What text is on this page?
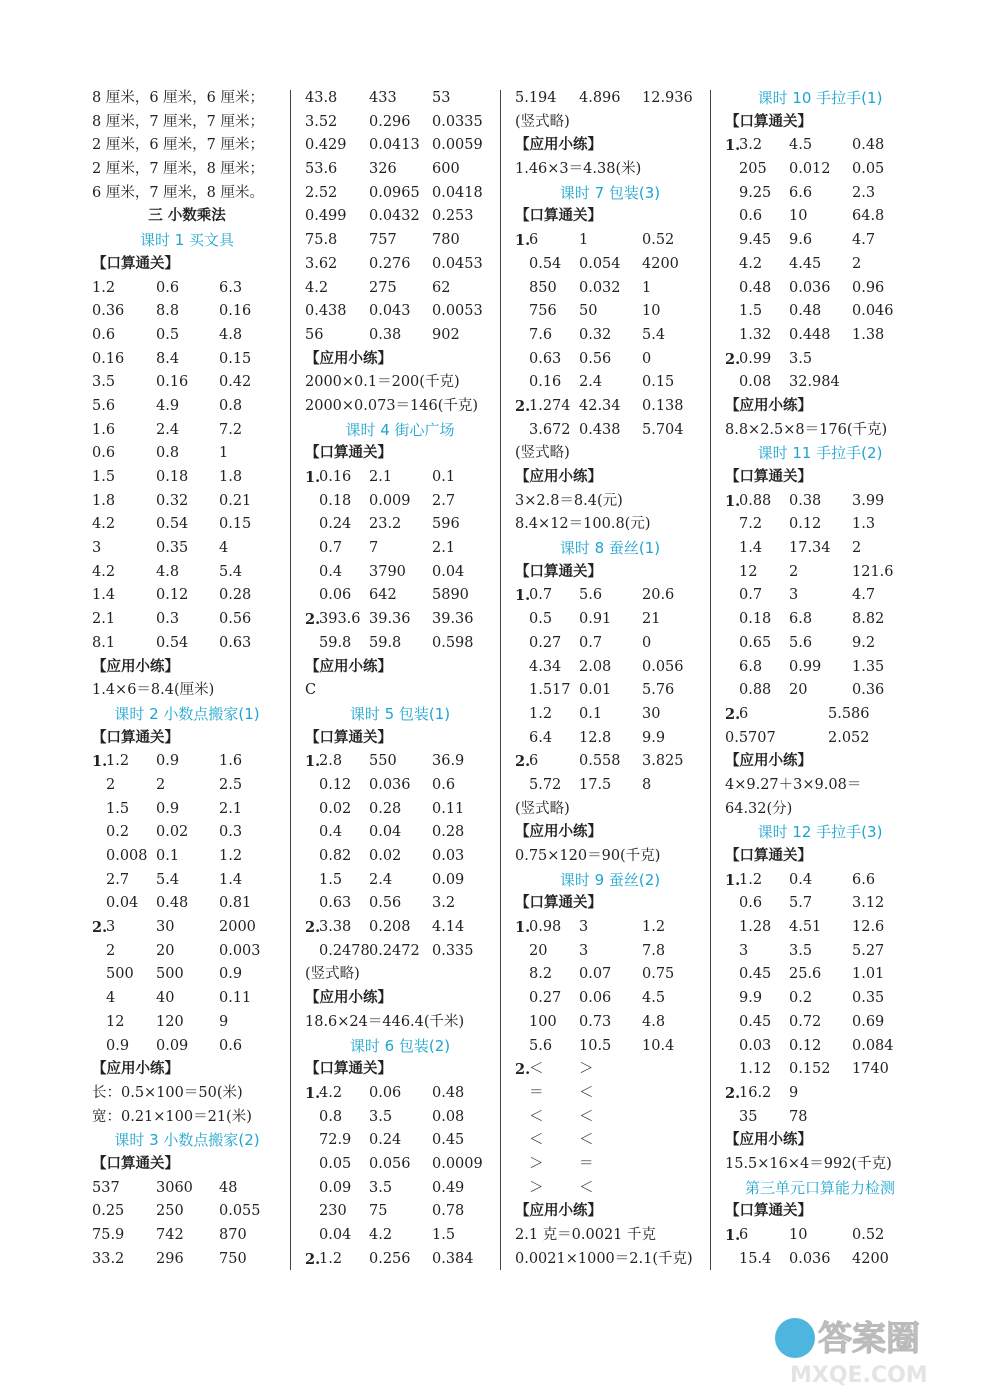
8 厘米，6 厘米，6 厘米；
8 厘米，7 厘米，7 厘米；
2 厘米，6 厘米，7 厘米；
2 厘米，7 厘米，8 厘米；
6 厘米，7 厘米，8 厘米。
三 小数乘法
课时 1 买文具
【口算通关】
1.2	0.6	6.3
0.36 8.8	0.16
0.6	0.5	4.8
0.16 8.4	0.15
3.5	0.16 0.42
5.6	4.9	0.8
1.6	2.4	7.2
0.6	0.8	1
1.5	0.18 1.8
1.8	0.32 0.21
4.2	0.54 0.15
3	0.35 4
4.2	4.8	5.4
1.4	0.12 0.28
2.1	0.3	0.56
8.1	0.54 0.63
【应用小练】
1.4×6＝8.4(厘米)
课时 2 小数点搬家(1)
【口算通关】
1.
1.2 0.9	1.6
2	2	2.5
1.5 0.9	2.1
0.2 0.02 0.3
0.008 0.1	1.2
2.7 5.4	1.4
0.04 0.48 0.81
2.
3	30	2000
2	20	0.003
500 500 0.9
4	40	0.11
12 120 9
0.9 0.09 0.6
【应用小练】
长：0.5×100＝50(米)
宽：0.21×100＝21(米)
课时 3 小数点搬家(2)
【口算通关】
537	3060 48
0.25 250 0.055
75.9 742 870
33.2 296 750
43.8 433 53
3.52 0.296 0.0335
0.429 0.0413 0.0059
53.6 326 600
2.52 0.0965 0.0418
0.499 0.0432 0.253
75.8 757 780
3.62 0.276 0.0453
4.2	275 62
0.438 0.043 0.0053
56	0.38 902
【应用小练】
2000×0.1＝200(千克)
2000×0.073＝146(千克)
课时 4 街心广场
【口算通关】
1.
0.16 2.1	0.1
0.18 0.009 2.7
0.24 23.2 596
0.7 7	2.1
0.4 3790 0.04
0.06 642 5890
2.
393.6 39.36 39.36
59.8 59.8 0.598
【应用小练】
C
课时 5 包装(1)
【口算通关】
1.
2.8 550 36.9
0.12 0.036 0.6
0.02 0.28 0.11
0.4 0.04 0.28
0.82 0.02 0.03
1.5 2.4	0.09
0.63 0.56 3.2
2.
3.38 0.208 4.14
0.2478 0.2472 0.335
(竖式略)
【应用小练】
18.6×24＝446.4(千米)
课时 6 包装(2)
【口算通关】
1.
4.2 0.06 0.48
0.8 3.5	0.08
72.9 0.24 0.45
0.05 0.056 0.0009
0.09 3.5	0.49
230 75	0.78
0.04 4.2	1.5
2.
1.2 0.256 0.384
5.194 4.896 12.936
(竖式略)
【应用小练】
1.46×3＝4.38(米)
课时 7 包装(3)
【口算通关】
1.
6	1	0.52
0.54 0.054 4200
850 0.032 1
756 50	10
7.6 0.32 5.4
0.63 0.56 0
0.16 2.4	0.15
2.
1.274 42.34 0.138
3.672 0.438 5.704
(竖式略)
【应用小练】
3×2.8＝8.4(元)
8.4×12＝100.8(元)
课时 8 蚕丝(1)
【口算通关】
1.
0.7 5.6	20.6
0.5 0.91 21
0.27 0.7	0
4.34 2.08 0.056
1.517 0.01 5.76
1.2 0.1	30
6.4 12.8 9.9
2.
6	0.558 3.825
5.72 17.5 8
(竖式略)
【应用小练】
0.75×120＝90(千克)
课时 9 蚕丝(2)
【口算通关】
1.
0.98 3	1.2
20 3	7.8
8.2 0.07 0.75
0.27 0.06 4.5
100 0.73 4.8
5.6 10.5 10.4
2.
＜ ＞
＝ ＜
＜ ＜
＜ ＜
＞ ＝
＞ ＜
【应用小练】
2.1 克＝0.0021 千克
0.0021×1000＝2.1(千克)
课时 10 手拉手(1)
【口算通关】
1.
3.2 4.5	0.48
205 0.012 0.05
9.25 6.6	2.3
0.6 10	64.8
9.45 9.6	4.7
4.2 4.45 2
0.48 0.036 0.96
1.5 0.48 0.046
1.32 0.448 1.38
2.
0.99 3.5
0.08 32.984
【应用小练】
8.8×2.5×8＝176(千克)
课时 11 手拉手(2)
【口算通关】
1.
0.88 0.38 3.99
7.2 0.12 1.3
1.4 17.34 2
12 2	121.6
0.7 3	4.7
0.18 6.8	8.82
0.65 5.6	9.2
6.8 0.99 1.35
0.88 20	0.36
2.
6	5.586
0.5707	2.052
【应用小练】
4×9.27＋3×9.08＝
64.32(分)
课时 12 手拉手(3)
【口算通关】
1.
1.2 0.4	6.6
0.6 5.7	3.12
1.28 4.51 12.6
3	3.5	5.27
0.45 25.6 1.01
9.9 0.2	0.35
0.45 0.72 0.69
0.03 0.12 0.084
1.12 0.152 1740
2.
16.2 9
35 78
【应用小练】
15.5×16×4＝992(千克)
第三单元口算能力检测
【口算通关】
1.
6	10	0.52
15.4 0.036 4200
答案圈
MXQE.COM
